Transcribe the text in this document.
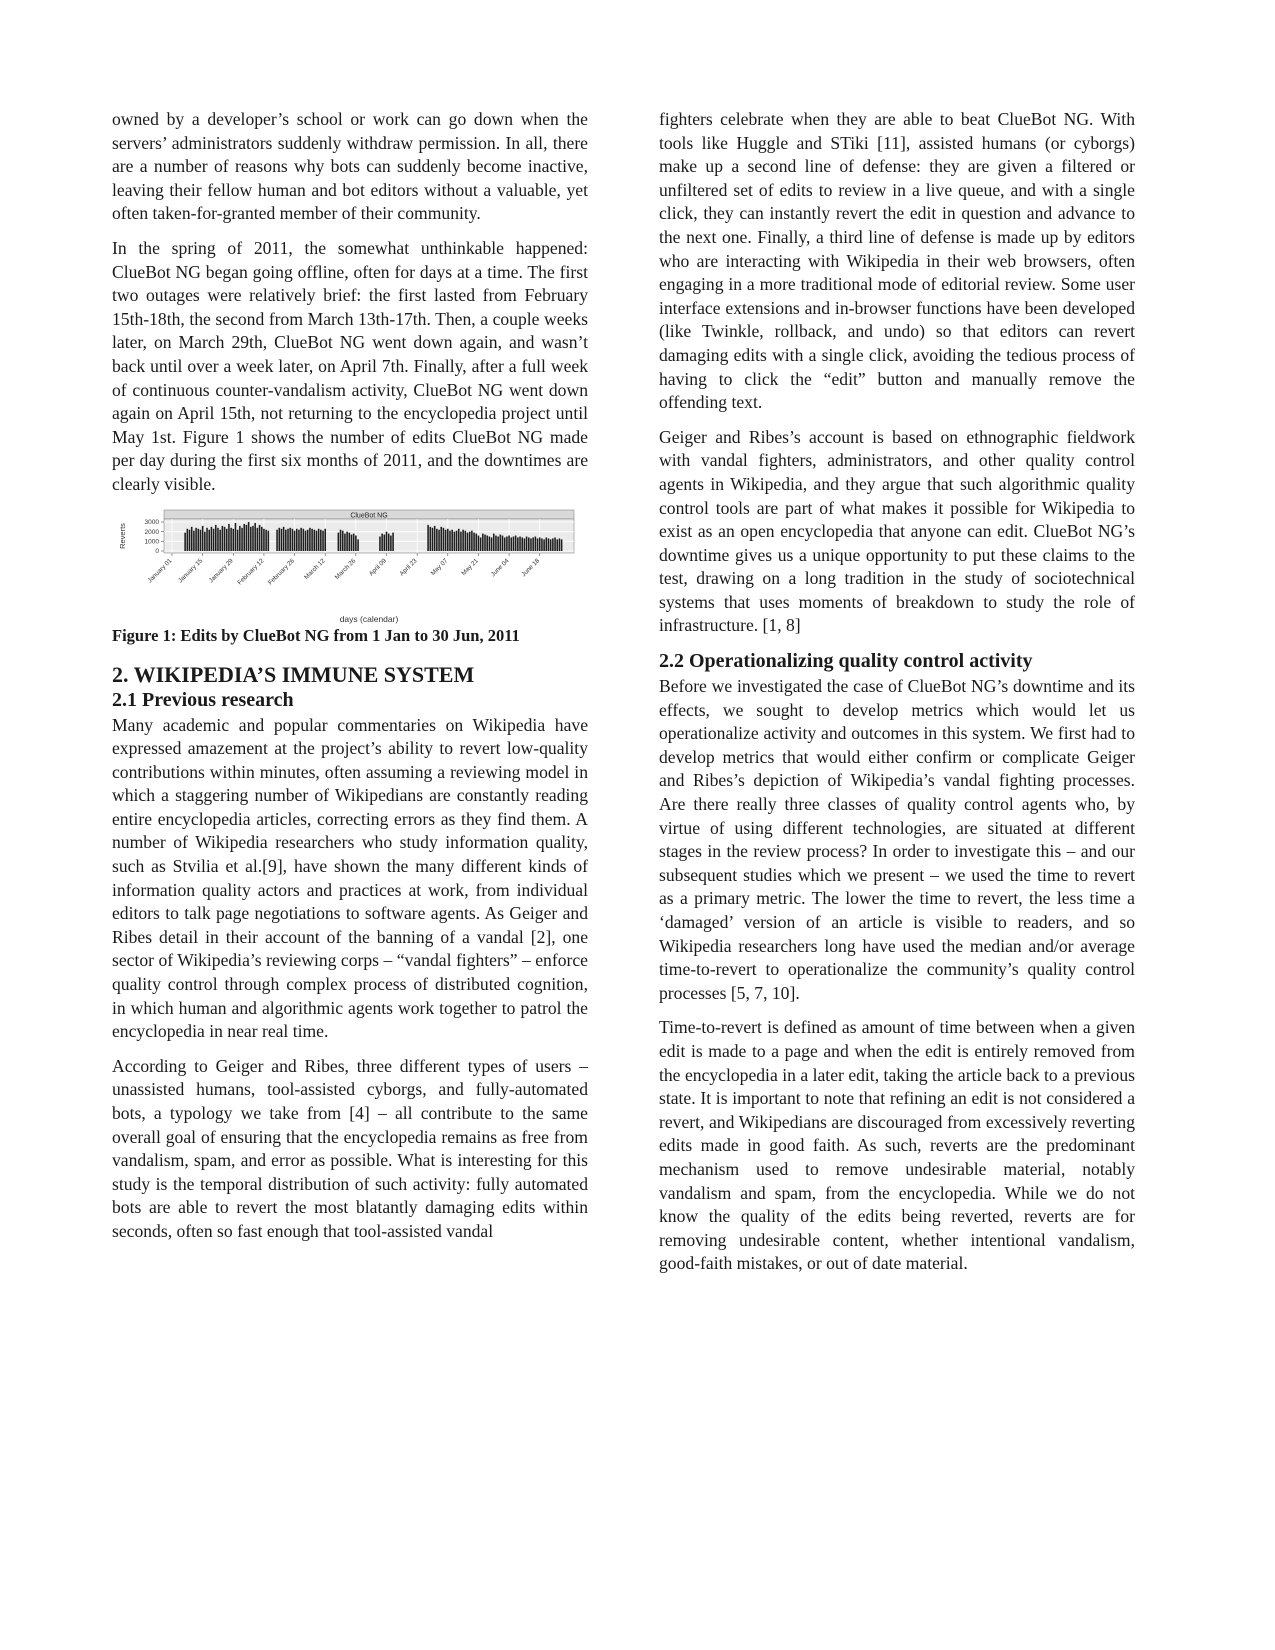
owned by a developer’s school or work can go down when the servers’ administrators suddenly withdraw permission. In all, there are a number of reasons why bots can suddenly become inactive, leaving their fellow human and bot editors without a valuable, yet often taken-for-granted member of their community.

In the spring of 2011, the somewhat unthinkable happened: ClueBot NG began going offline, often for days at a time. The first two outages were relatively brief: the first lasted from February 15th-18th, the second from March 13th-17th. Then, a couple weeks later, on March 29th, ClueBot NG went down again, and wasn’t back until over a week later, on April 7th. Finally, after a full week of continuous counter-vandalism activity, ClueBot NG went down again on April 15th, not returning to the encyclopedia project until May 1st. Figure 1 shows the number of edits ClueBot NG made per day during the first six months of 2011, and the downtimes are clearly visible.

ClueBot NG
Reverts
days (calendar)
0
1000
2000
3000
January 01 January 15 January 29 February 12 February 26 March 12 March 26 April 09 April 23 May 07 May 21 June 04 June 18
Figure 1: Edits by ClueBot NG from 1 Jan to 30 Jun, 2011
2. WIKIPEDIA’S IMMUNE SYSTEM
2.1 Previous research

Many academic and popular commentaries on Wikipedia have expressed amazement at the project’s ability to revert low-quality contributions within minutes, often assuming a reviewing model in which a staggering number of Wikipedians are constantly reading entire encyclopedia articles, correcting errors as they find them. A number of Wikipedia researchers who study information quality, such as Stvilia et al.[9], have shown the many different kinds of information quality actors and practices at work, from individual editors to talk page negotiations to software agents. As Geiger and Ribes detail in their account of the banning of a vandal [2], one sector of Wikipedia’s reviewing corps – “vandal fighters” – enforce quality control through complex process of distributed cognition, in which human and algorithmic agents work together to patrol the encyclopedia in near real time.

According to Geiger and Ribes, three different types of users – unassisted humans, tool-assisted cyborgs, and fully-automated bots, a typology we take from [4] – all contribute to the same overall goal of ensuring that the encyclopedia remains as free from vandalism, spam, and error as possible. What is interesting for this study is the temporal distribution of such activity: fully automated bots are able to revert the most blatantly damaging edits within seconds, often so fast enough that tool-assisted vandal

fighters celebrate when they are able to beat ClueBot NG. With tools like Huggle and STiki [11], assisted humans (or cyborgs) make up a second line of defense: they are given a filtered or unfiltered set of edits to review in a live queue, and with a single click, they can instantly revert the edit in question and advance to the next one. Finally, a third line of defense is made up by editors who are interacting with Wikipedia in their web browsers, often engaging in a more traditional mode of editorial review. Some user interface extensions and in-browser functions have been developed (like Twinkle, rollback, and undo) so that editors can revert damaging edits with a single click, avoiding the tedious process of having to click the “edit” button and manually remove the offending text.

Geiger and Ribes’s account is based on ethnographic fieldwork with vandal fighters, administrators, and other quality control agents in Wikipedia, and they argue that such algorithmic quality control tools are part of what makes it possible for Wikipedia to exist as an open encyclopedia that anyone can edit. ClueBot NG’s downtime gives us a unique opportunity to put these claims to the test, drawing on a long tradition in the study of sociotechnical systems that uses moments of breakdown to study the role of infrastructure. [1, 8]

2.2 Operationalizing quality control activity

Before we investigated the case of ClueBot NG’s downtime and its effects, we sought to develop metrics which would let us operationalize activity and outcomes in this system. We first had to develop metrics that would either confirm or complicate Geiger and Ribes’s depiction of Wikipedia’s vandal fighting processes. Are there really three classes of quality control agents who, by virtue of using different technologies, are situated at different stages in the review process? In order to investigate this – and our subsequent studies which we present – we used the time to revert as a primary metric. The lower the time to revert, the less time a ‘damaged’ version of an article is visible to readers, and so Wikipedia researchers long have used the median and/or average time-to-revert to operationalize the community’s quality control processes [5, 7, 10].

Time-to-revert is defined as amount of time between when a given edit is made to a page and when the edit is entirely removed from the encyclopedia in a later edit, taking the article back to a previous state. It is important to note that refining an edit is not considered a revert, and Wikipedians are discouraged from excessively reverting edits made in good faith. As such, reverts are the predominant mechanism used to remove undesirable material, notably vandalism and spam, from the encyclopedia. While we do not know the quality of the edits being reverted, reverts are for removing undesirable content, whether intentional vandalism, good-faith mistakes, or out of date material.
